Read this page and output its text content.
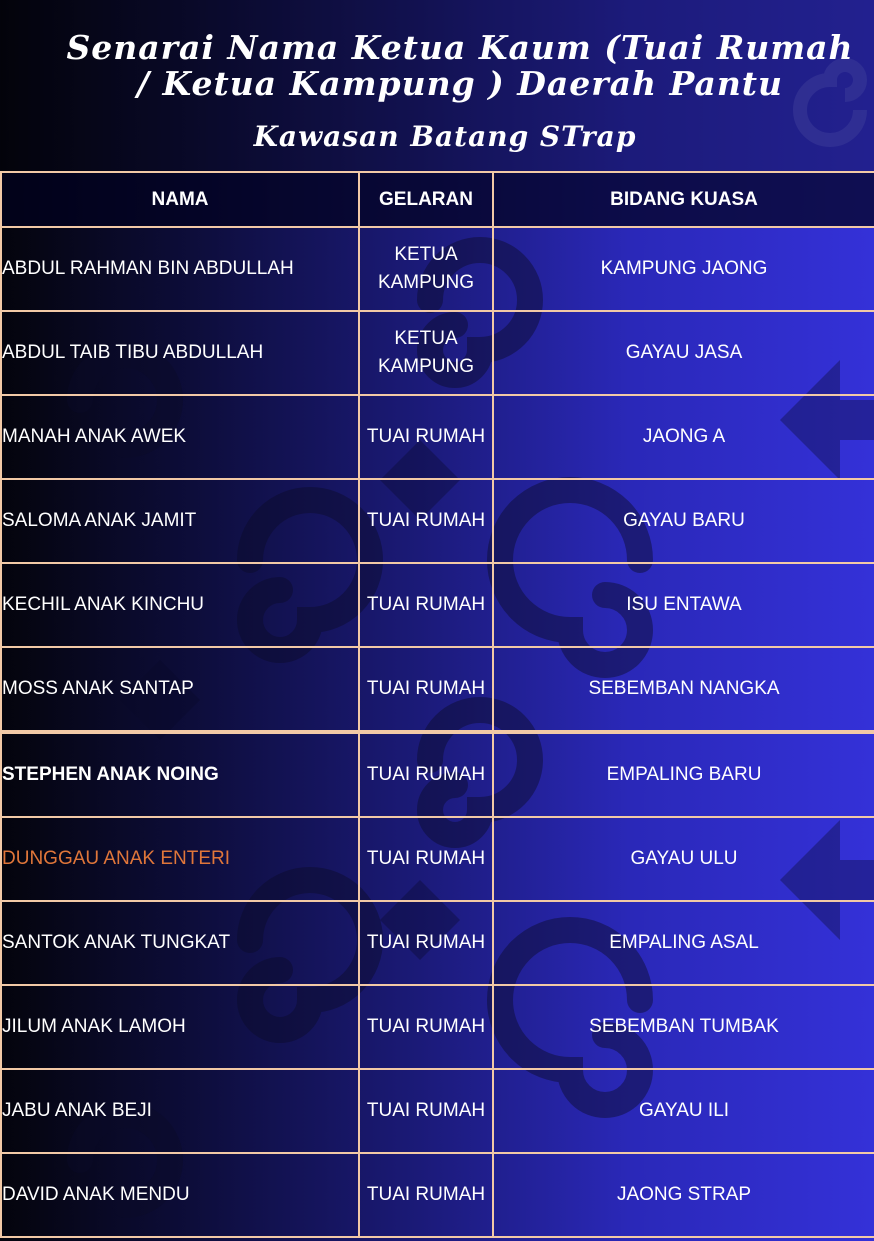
Senarai Nama Ketua Kaum (Tuai Rumah / Ketua Kampung ) Daerah Pantu
Kawasan Batang STrap
NAMA	GELARAN	BIDANG KUASA
ABDUL RAHMAN BIN ABDULLAH	KETUA KAMPUNG	KAMPUNG JAONG
ABDUL TAIB TIBU ABDULLAH	KETUA KAMPUNG	GAYAU JASA
MANAH ANAK AWEK	TUAI RUMAH	JAONG A
SALOMA ANAK JAMIT	TUAI RUMAH	GAYAU BARU
KECHIL ANAK KINCHU	TUAI RUMAH	ISU ENTAWA
MOSS ANAK SANTAP	TUAI RUMAH	SEBEMBAN NANGKA
STEPHEN ANAK NOING	TUAI RUMAH	EMPALING BARU
DUNGGAU ANAK ENTERI	TUAI RUMAH	GAYAU ULU
SANTOK ANAK TUNGKAT	TUAI RUMAH	EMPALING ASAL
JILUM ANAK LAMOH	TUAI RUMAH	SEBEMBAN TUMBAK
JABU ANAK BEJI	TUAI RUMAH	GAYAU ILI
DAVID ANAK MENDU	TUAI RUMAH	JAONG STRAP
